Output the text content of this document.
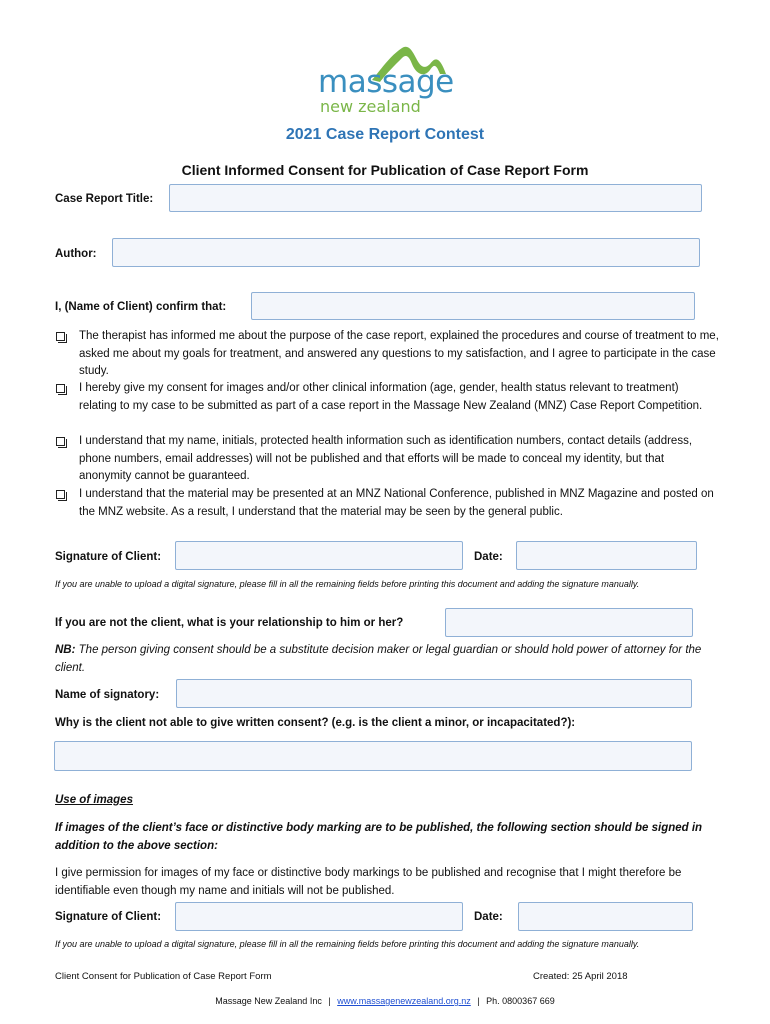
massage
new zealand
2021 Case Report Contest
Client Informed Consent for Publication of Case Report Form
Case Report Title:
Author:
I, (Name of Client) confirm that:
The therapist has informed me about the purpose of the case report, explained the procedures and course of treatment to me, asked me about my goals for treatment, and answered any questions to my satisfaction, and I agree to participate in the case study.
I hereby give my consent for images and/or other clinical information (age, gender, health status relevant to treatment) relating to my case to be submitted as part of a case report in the Massage New Zealand (MNZ) Case Report Competition.
I understand that my name, initials, protected health information such as identification numbers, contact details (address, phone numbers, email addresses) will not be published and that efforts will be made to conceal my identity, but that anonymity cannot be guaranteed.
I understand that the material may be presented at an MNZ National Conference, published in MNZ Magazine and posted on the MNZ website. As a result, I understand that the material may be seen by the general public.
Signature of Client:	Date:
If you are unable to upload a digital signature, please fill in all the remaining fields before printing this document and adding the signature manually.
If you are not the client, what is your relationship to him or her?
NB: The person giving consent should be a substitute decision maker or legal guardian or should hold power of attorney for the client.
Name of signatory:
Why is the client not able to give written consent? (e.g. is the client a minor, or incapacitated?):
Use of images
If images of the client’s face or distinctive body marking are to be published, the following section should be signed in addition to the above section:
I give permission for images of my face or distinctive body markings to be published and recognise that I might therefore be identifiable even though my name and initials will not be published.
Signature of Client:	Date:
If you are unable to upload a digital signature, please fill in all the remaining fields before printing this document and adding the signature manually.
Client Consent for Publication of Case Report Form	Created: 25 April 2018
Massage New Zealand Inc | www.massagenewzealand.org.nz | Ph. 0800367 669
